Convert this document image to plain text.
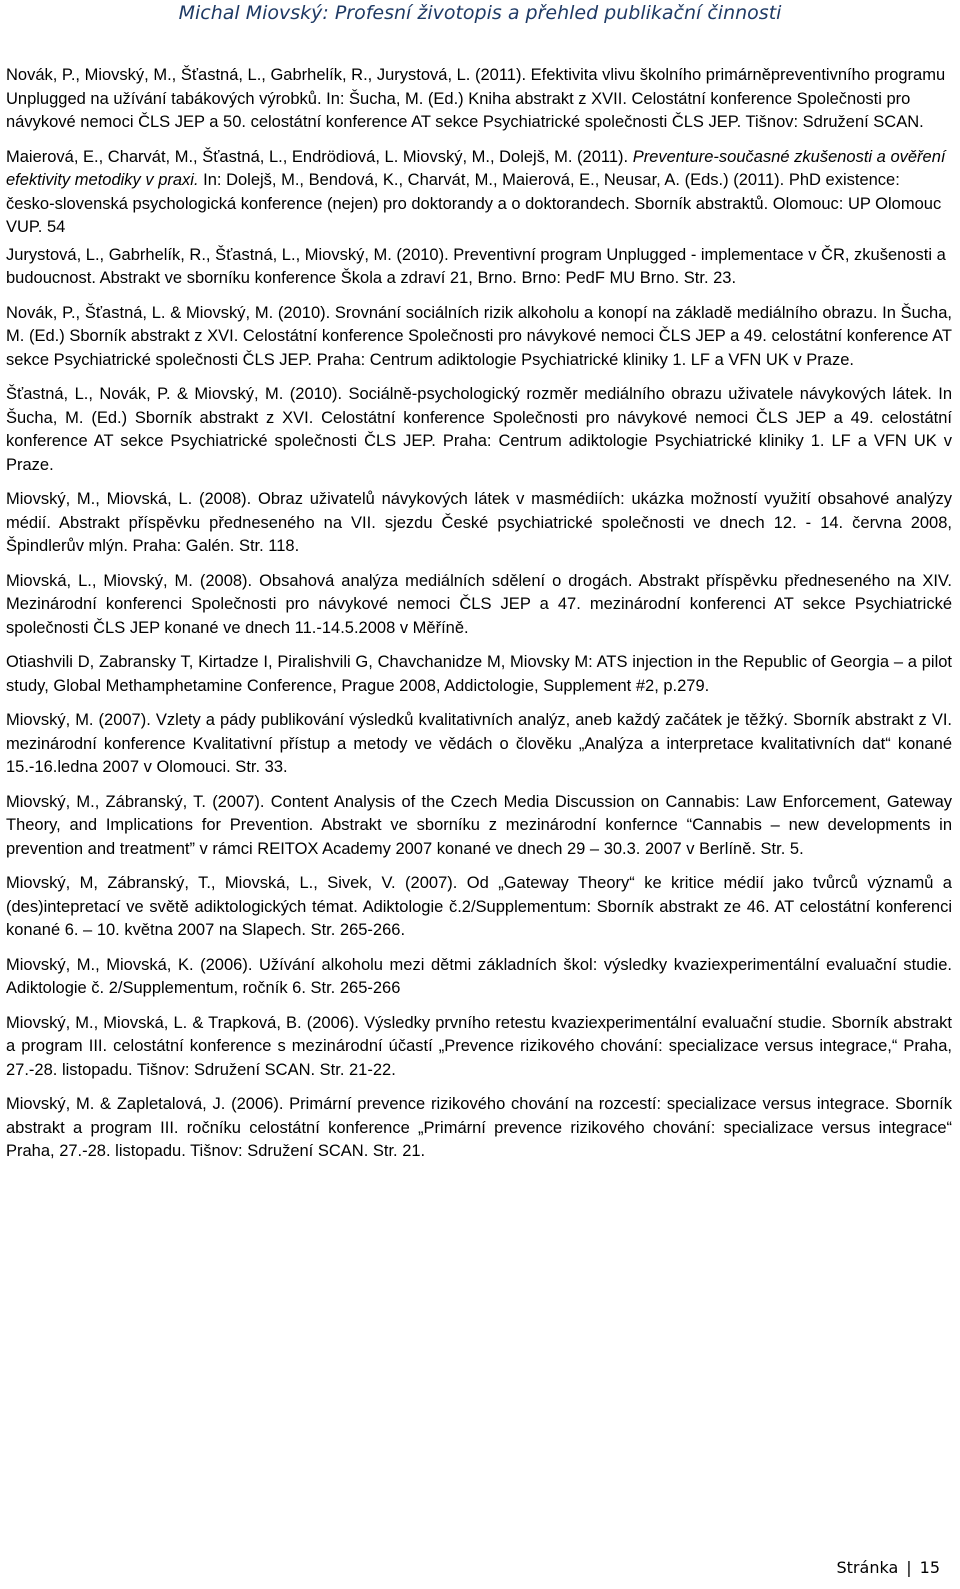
Michal Miovský: Profesní životopis a přehled publikační činnosti

Novák, P., Miovský, M., Šťastná, L., Gabrhelík, R., Jurystová, L. (2011). Efektivita vlivu školního primárněpreventivního programu Unplugged na užívání tabákových výrobků. In: Šucha, M. (Ed.) Kniha abstrakt z XVII. Celostátní konference Společnosti pro návykové nemoci ČLS JEP a 50. celostátní konference AT sekce Psychiatrické společnosti ČLS JEP. Tišnov: Sdružení SCAN.

Maierová, E., Charvát, M., Šťastná, L., Endrödiová, L. Miovský, M., Dolejš, M. (2011). Preventure-současné zkušenosti a ověření efektivity metodiky v praxi. In: Dolejš, M., Bendová, K., Charvát, M., Maierová, E., Neusar, A. (Eds.) (2011). PhD existence: česko-slovenská psychologická konference (nejen) pro doktorandy a o doktorandech. Sborník abstraktů. Olomouc: UP Olomouc VUP. 54

Jurystová, L., Gabrhelík, R., Šťastná, L., Miovský, M. (2010). Preventivní program Unplugged - implementace v ČR, zkušenosti a budoucnost. Abstrakt ve sborníku konference Škola a zdraví 21, Brno. Brno: PedF MU Brno. Str. 23.

Novák, P., Šťastná, L. & Miovský, M. (2010). Srovnání sociálních rizik alkoholu a konopí na základě mediálního obrazu. In Šucha, M. (Ed.) Sborník abstrakt z XVI. Celostátní konference Společnosti pro návykové nemoci ČLS JEP a 49. celostátní konference AT sekce Psychiatrické společnosti ČLS JEP. Praha: Centrum adiktologie Psychiatrické kliniky 1. LF a VFN UK v Praze.

Šťastná, L., Novák, P. & Miovský, M. (2010). Sociálně-psychologický rozměr mediálního obrazu uživatele návykových látek. In Šucha, M. (Ed.) Sborník abstrakt z XVI. Celostátní konference Společnosti pro návykové nemoci ČLS JEP a 49. celostátní konference AT sekce Psychiatrické společnosti ČLS JEP. Praha: Centrum adiktologie Psychiatrické kliniky 1. LF a VFN UK v Praze.

Miovský, M., Miovská, L. (2008). Obraz uživatelů návykových látek v masmédiích: ukázka možností využití obsahové analýzy médií. Abstrakt příspěvku předneseného na VII. sjezdu České psychiatrické společnosti ve dnech 12. - 14. června 2008, Špindlerův mlýn. Praha: Galén. Str. 118.

Miovská, L., Miovský, M. (2008). Obsahová analýza mediálních sdělení o drogách. Abstrakt příspěvku předneseného na XIV. Mezinárodní konferenci Společnosti pro návykové nemoci ČLS JEP a 47. mezinárodní konferenci AT sekce Psychiatrické společnosti ČLS JEP konané ve dnech 11.-14.5.2008 v Měříně.

Otiashvili D, Zabransky T, Kirtadze I, Piralishvili G, Chavchanidze M, Miovsky M: ATS injection in the Republic of Georgia – a pilot study, Global Methamphetamine Conference, Prague 2008, Addictologie, Supplement #2, p.279.

Miovský, M. (2007). Vzlety a pády publikování výsledků kvalitativních analýz, aneb každý začátek je těžký. Sborník abstrakt z VI. mezinárodní konference Kvalitativní přístup a metody ve vědách o člověku „Analýza a interpretace kvalitativních dat“ konané 15.-16.ledna 2007 v Olomouci. Str. 33.

Miovský, M., Zábranský, T. (2007). Content Analysis of the Czech Media Discussion on Cannabis: Law Enforcement, Gateway Theory, and Implications for Prevention. Abstrakt ve sborníku z mezinárodní konfernce “Cannabis – new developments in prevention and treatment” v rámci REITOX Academy 2007 konané ve dnech 29 – 30.3. 2007 v Berlíně. Str. 5.

Miovský, M, Zábranský, T., Miovská, L., Sivek, V. (2007). Od „Gateway Theory“ ke kritice médií jako tvůrců významů a (des)intepretací ve světě adiktologických témat. Adiktologie č.2/Supplementum: Sborník abstrakt ze 46. AT celostátní konferenci konané 6. – 10. května 2007 na Slapech. Str. 265-266.

Miovský, M., Miovská, K. (2006). Užívání alkoholu mezi dětmi základních škol: výsledky kvaziexperimentální evaluační studie. Adiktologie č. 2/Supplementum, ročník 6. Str. 265-266

Miovský, M., Miovská, L. & Trapková, B. (2006). Výsledky prvního retestu kvaziexperimentální evaluační studie. Sborník abstrakt a program III. celostátní konference s mezinárodní účastí „Prevence rizikového chování: specializace versus integrace,“ Praha, 27.-28. listopadu. Tišnov: Sdružení SCAN. Str. 21-22.

Miovský, M. & Zapletalová, J. (2006). Primární prevence rizikového chování na rozcestí: specializace versus integrace. Sborník abstrakt a program III. ročníku celostátní konference „Primární prevence rizikového chování: specializace versus integrace“ Praha, 27.-28. listopadu. Tišnov: Sdružení SCAN. Str. 21.

Stránka | 15
